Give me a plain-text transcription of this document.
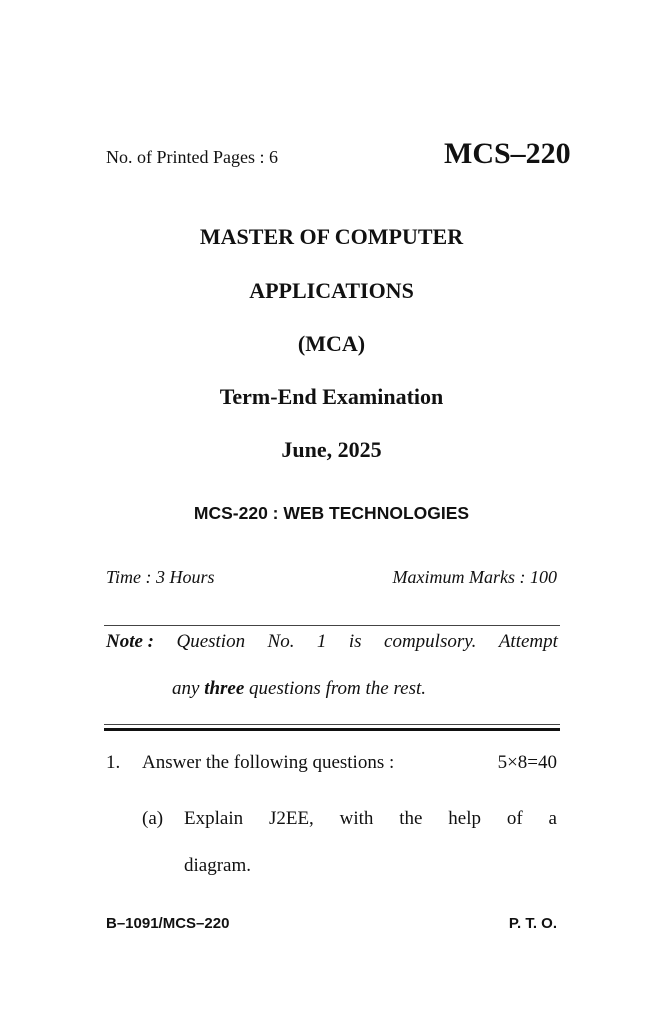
No. of Printed Pages : 6	MCS–220
MASTER OF COMPUTER
APPLICATIONS
(MCA)
Term-End Examination
June, 2025
MCS-220 : WEB TECHNOLOGIES
Time : 3 Hours	Maximum Marks : 100
Note : Question No. 1 is compulsory. Attempt
any three questions from the rest.
1. Answer the following questions :	5×8=40
(a) Explain J2EE, with the help of a
diagram.
B–1091/MCS–220	P. T. O.
